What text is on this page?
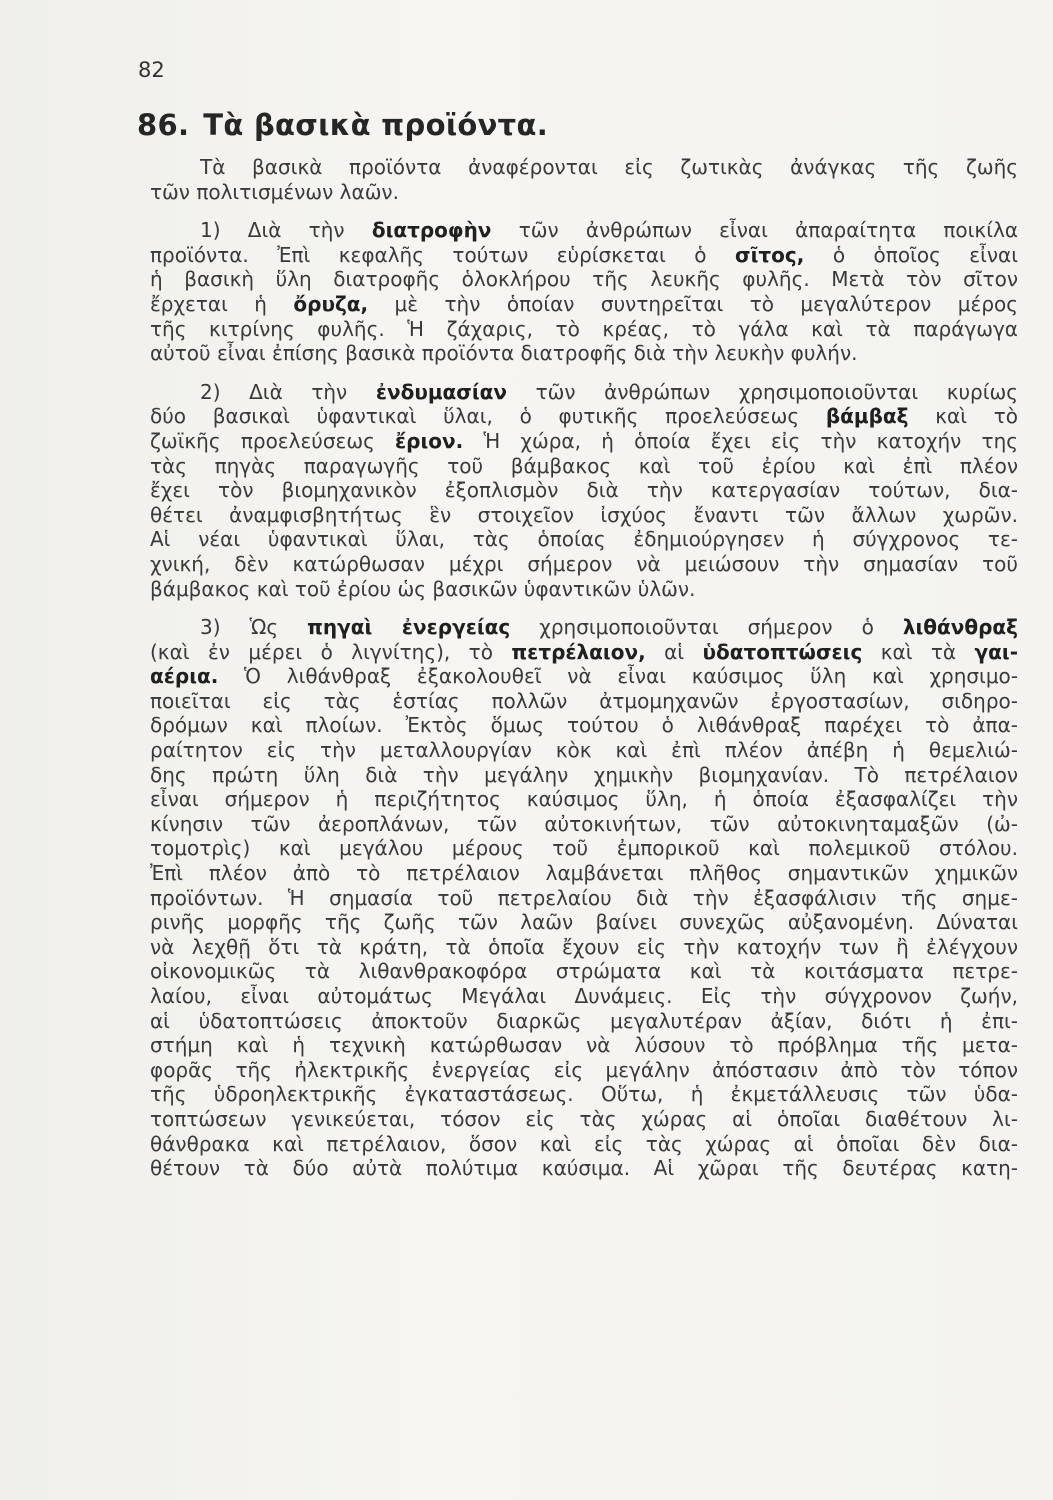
82
86. Τὰ βασικὰ προϊόντα.
Τὰ βασικὰ προϊόντα ἀναφέρονται εἰς ζωτικὰς ἀνάγκας τῆς ζωῆς
τῶν πολιτισμένων λαῶν.
1) Διὰ τὴν διατροφὴν τῶν ἀνθρώπων εἶναι ἀπαραίτητα ποικίλα
προϊόντα. Ἐπὶ κεφαλῆς τούτων εὑρίσκεται ὁ σῖτος, ὁ ὁποῖος εἶναι
ἡ βασικὴ ὕλη διατροφῆς ὁλοκλήρου τῆς λευκῆς φυλῆς. Μετὰ τὸν σῖτον
ἔρχεται ἡ ὄρυζα, μὲ τὴν ὁποίαν συντηρεῖται τὸ μεγαλύτερον μέρος
τῆς κιτρίνης φυλῆς. Ἡ ζάχαρις, τὸ κρέας, τὸ γάλα καὶ τὰ παράγωγα
αὐτοῦ εἶναι ἐπίσης βασικὰ προϊόντα διατροφῆς διὰ τὴν λευκὴν φυλήν.
2) Διὰ τὴν ἐνδυμασίαν τῶν ἀνθρώπων χρησιμοποιοῦνται κυρίως
δύο βασικαὶ ὑφαντικαὶ ὕλαι, ὁ φυτικῆς προελεύσεως βάμβαξ καὶ τὸ
ζωϊκῆς προελεύσεως ἔριον. Ἡ χώρα, ἡ ὁποία ἔχει εἰς τὴν κατοχήν της
τὰς πηγὰς παραγωγῆς τοῦ βάμβακος καὶ τοῦ ἐρίου καὶ ἐπὶ πλέον
ἔχει τὸν βιομηχανικὸν ἐξοπλισμὸν διὰ τὴν κατεργασίαν τούτων, δια-
θέτει ἀναμφισβητήτως ἓν στοιχεῖον ἰσχύος ἔναντι τῶν ἄλλων χωρῶν.
Αἱ νέαι ὑφαντικαὶ ὕλαι, τὰς ὁποίας ἐδημιούργησεν ἡ σύγχρονος τε-
χνική, δὲν κατώρθωσαν μέχρι σήμερον νὰ μειώσουν τὴν σημασίαν τοῦ
βάμβακος καὶ τοῦ ἐρίου ὡς βασικῶν ὑφαντικῶν ὑλῶν.
3) Ὡς πηγαὶ ἐνεργείας χρησιμοποιοῦνται σήμερον ὁ λιθάνθραξ
(καὶ ἐν μέρει ὁ λιγνίτης), τὸ πετρέλαιον, αἱ ὑδατοπτώσεις καὶ τὰ γαι-
αέρια. Ὁ λιθάνθραξ ἐξακολουθεῖ νὰ εἶναι καύσιμος ὕλη καὶ χρησιμο-
ποιεῖται εἰς τὰς ἑστίας πολλῶν ἀτμομηχανῶν ἐργοστασίων, σιδηρο-
δρόμων καὶ πλοίων. Ἐκτὸς ὅμως τούτου ὁ λιθάνθραξ παρέχει τὸ ἀπα-
ραίτητον εἰς τὴν μεταλλουργίαν κὸκ καὶ ἐπὶ πλέον ἀπέβη ἡ θεμελιώ-
δης πρώτη ὕλη διὰ τὴν μεγάλην χημικὴν βιομηχανίαν. Τὸ πετρέλαιον
εἶναι σήμερον ἡ περιζήτητος καύσιμος ὕλη, ἡ ὁποία ἐξασφαλίζει τὴν
κίνησιν τῶν ἀεροπλάνων, τῶν αὐτοκινήτων, τῶν αὐτοκινηταμαξῶν (ὠ-
τομοτρὶς) καὶ μεγάλου μέρους τοῦ ἐμπορικοῦ καὶ πολεμικοῦ στόλου.
Ἐπὶ πλέον ἀπὸ τὸ πετρέλαιον λαμβάνεται πλῆθος σημαντικῶν χημικῶν
προϊόντων. Ἡ σημασία τοῦ πετρελαίου διὰ τὴν ἐξασφάλισιν τῆς σημε-
ρινῆς μορφῆς τῆς ζωῆς τῶν λαῶν βαίνει συνεχῶς αὐξανομένη. Δύναται
νὰ λεχθῇ ὅτι τὰ κράτη, τὰ ὁποῖα ἔχουν εἰς τὴν κατοχήν των ἢ ἐλέγχουν
οἰκονομικῶς τὰ λιθανθρακοφόρα στρώματα καὶ τὰ κοιτάσματα πετρε-
λαίου, εἶναι αὐτομάτως Μεγάλαι Δυνάμεις. Εἰς τὴν σύγχρονον ζωήν,
αἱ ὑδατοπτώσεις ἀποκτοῦν διαρκῶς μεγαλυτέραν ἀξίαν, διότι ἡ ἐπι-
στήμη καὶ ἡ τεχνικὴ κατώρθωσαν νὰ λύσουν τὸ πρόβλημα τῆς μετα-
φορᾶς τῆς ἠλεκτρικῆς ἐνεργείας εἰς μεγάλην ἀπόστασιν ἀπὸ τὸν τόπον
τῆς ὑδροηλεκτρικῆς ἐγκαταστάσεως. Οὕτω, ἡ ἐκμετάλλευσις τῶν ὑδα-
τοπτώσεων γενικεύεται, τόσον εἰς τὰς χώρας αἱ ὁποῖαι διαθέτουν λι-
θάνθρακα καὶ πετρέλαιον, ὅσον καὶ εἰς τὰς χώρας αἱ ὁποῖαι δὲν δια-
θέτουν τὰ δύο αὐτὰ πολύτιμα καύσιμα. Αἱ χῶραι τῆς δευτέρας κατη-
